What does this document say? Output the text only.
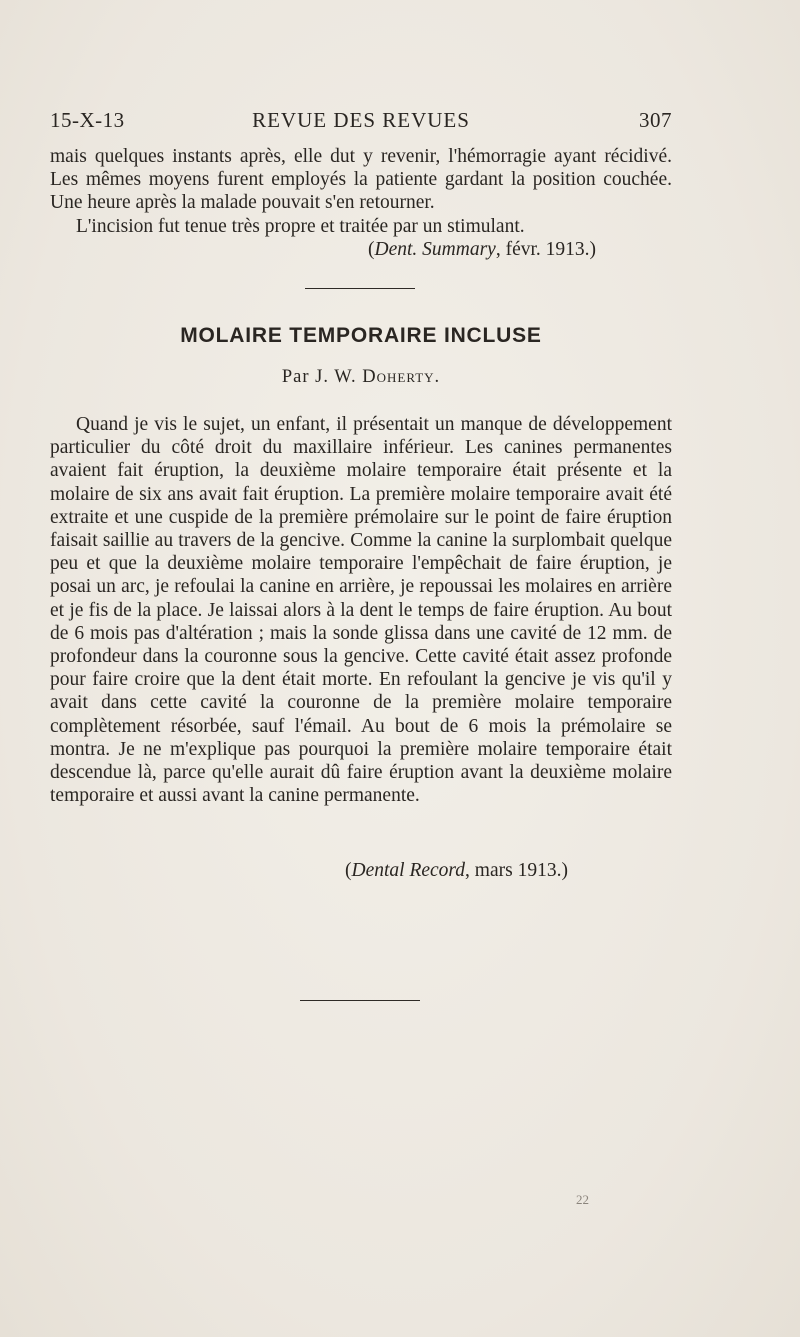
15-X-13	REVUE DES REVUES	307

mais quelques instants après, elle dut y revenir, l'hémorragie ayant récidivé. Les mêmes moyens furent employés la patiente gardant la position couchée. Une heure après la malade pouvait s'en retourner.

L'incision fut tenue très propre et traitée par un stimulant.

(Dent. Summary, févr. 1913.)
MOLAIRE TEMPORAIRE INCLUSE
Par J. W. Doherty.

Quand je vis le sujet, un enfant, il présentait un manque de développement particulier du côté droit du maxillaire inférieur. Les canines permanentes avaient fait éruption, la deuxième molaire temporaire était présente et la molaire de six ans avait fait éruption. La première molaire temporaire avait été extraite et une cuspide de la première prémolaire sur le point de faire éruption faisait saillie au travers de la gencive. Comme la canine la surplombait quelque peu et que la deuxième molaire temporaire l'empêchait de faire éruption, je posai un arc, je refoulai la canine en arrière, je repoussai les molaires en arrière et je fis de la place. Je laissai alors à la dent le temps de faire éruption. Au bout de 6 mois pas d'altération ; mais la sonde glissa dans une cavité de 12 mm. de profondeur dans la couronne sous la gencive. Cette cavité était assez profonde pour faire croire que la dent était morte. En refoulant la gencive je vis qu'il y avait dans cette cavité la couronne de la première molaire temporaire complètement résorbée, sauf l'émail. Au bout de 6 mois la prémolaire se montra. Je ne m'explique pas pourquoi la première molaire temporaire était descendue là, parce qu'elle aurait dû faire éruption avant la deuxième molaire temporaire et aussi avant la canine permanente.

(Dental Record, mars 1913.)
22
